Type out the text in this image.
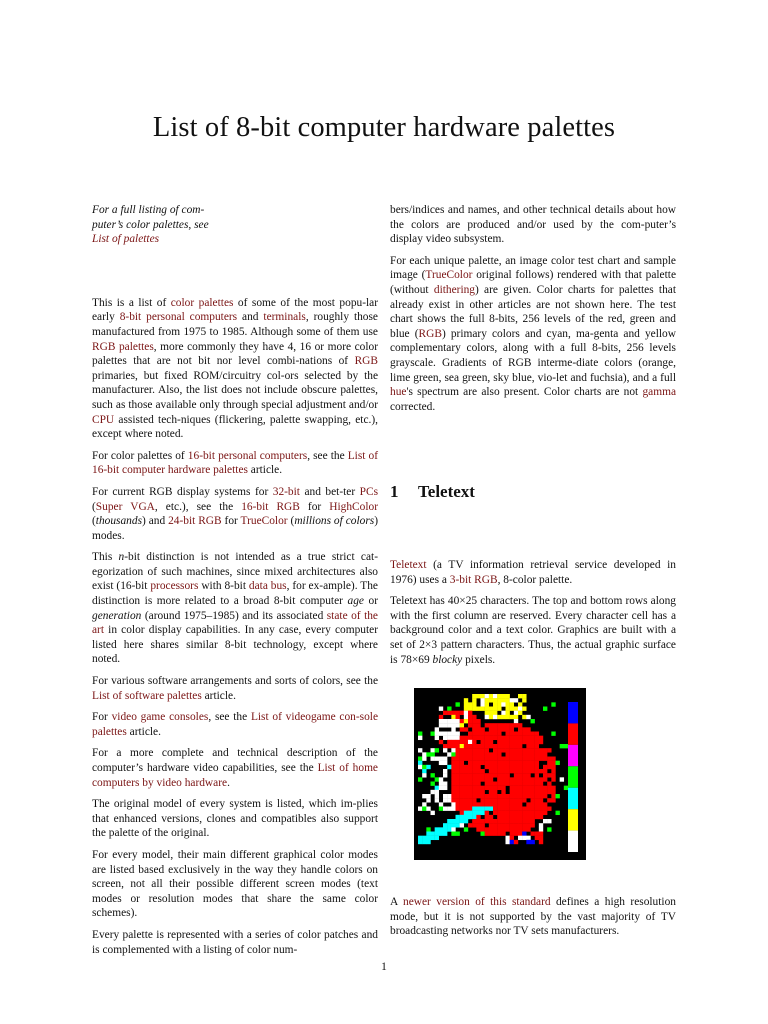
List of 8-bit computer hardware palettes

For a full listing of com-puter’s color palettes, see List of palettes

This is a list of color palettes of some of the most popu-lar early 8-bit personal computers and terminals, roughly those manufactured from 1975 to 1985. Although some of them use RGB palettes, more commonly they have 4, 16 or more color palettes that are not bit nor level combi-nations of RGB primaries, but fixed ROM/circuitry col-ors selected by the manufacturer. Also, the list does not include obscure palettes, such as those available only through special adjustment and/or CPU assisted tech-niques (flickering, palette swapping, etc.), except where noted.

For color palettes of 16-bit personal computers, see the List of 16-bit computer hardware palettes article.

For current RGB display systems for 32-bit and bet-ter PCs (Super VGA, etc.), see the 16-bit RGB for HighColor (thousands) and 24-bit RGB for TrueColor (millions of colors) modes.

This n-bit distinction is not intended as a true strict cat-egorization of such machines, since mixed architectures also exist (16-bit processors with 8-bit data bus, for ex-ample). The distinction is more related to a broad 8-bit computer age or generation (around 1975–1985) and its associated state of the art in color display capabilities. In any case, every computer listed here shares similar 8-bit technology, except where noted.

For various software arrangements and sorts of colors, see the List of software palettes article.

For video game consoles, see the List of videogame con-sole palettes article.

For a more complete and technical description of the computer’s hardware video capabilities, see the List of home computers by video hardware.

The original model of every system is listed, which im-plies that enhanced versions, clones and compatibles also support the palette of the original.

For every model, their main different graphical color modes are listed based exclusively in the way they handle colors on screen, not all their possible different screen modes (text modes or resolution modes that share the same color schemes).

Every palette is represented with a series of color patches and is complemented with a listing of color num-

bers/indices and names, and other technical details about how the colors are produced and/or used by the com-puter’s display video subsystem.

For each unique palette, an image color test chart and sample image (TrueColor original follows) rendered with that palette (without dithering) are given. Color charts for palettes that already exist in other articles are not shown here. The test chart shows the full 8-bits, 256 levels of the red, green and blue (RGB) primary colors and cyan, ma-genta and yellow complementary colors, along with a full 8-bits, 256 levels grayscale. Gradients of RGB interme-diate colors (orange, lime green, sea green, sky blue, vio-let and fuchsia), and a full hue's spectrum are also present. Color charts are not gamma corrected.

1 Teletext

Teletext (a TV information retrieval service developed in 1976) uses a 3-bit RGB, 8-color palette.

Teletext has 40×25 characters. The top and bottom rows along with the first column are reserved. Every character cell has a background color and a text color. Graphics are built with a set of 2×3 pattern characters. Thus, the actual graphic surface is 78×69 blocky pixels.

A newer version of this standard defines a high resolution mode, but it is not supported by the vast majority of TV broadcasting networks nor TV sets manufacturers.

1
